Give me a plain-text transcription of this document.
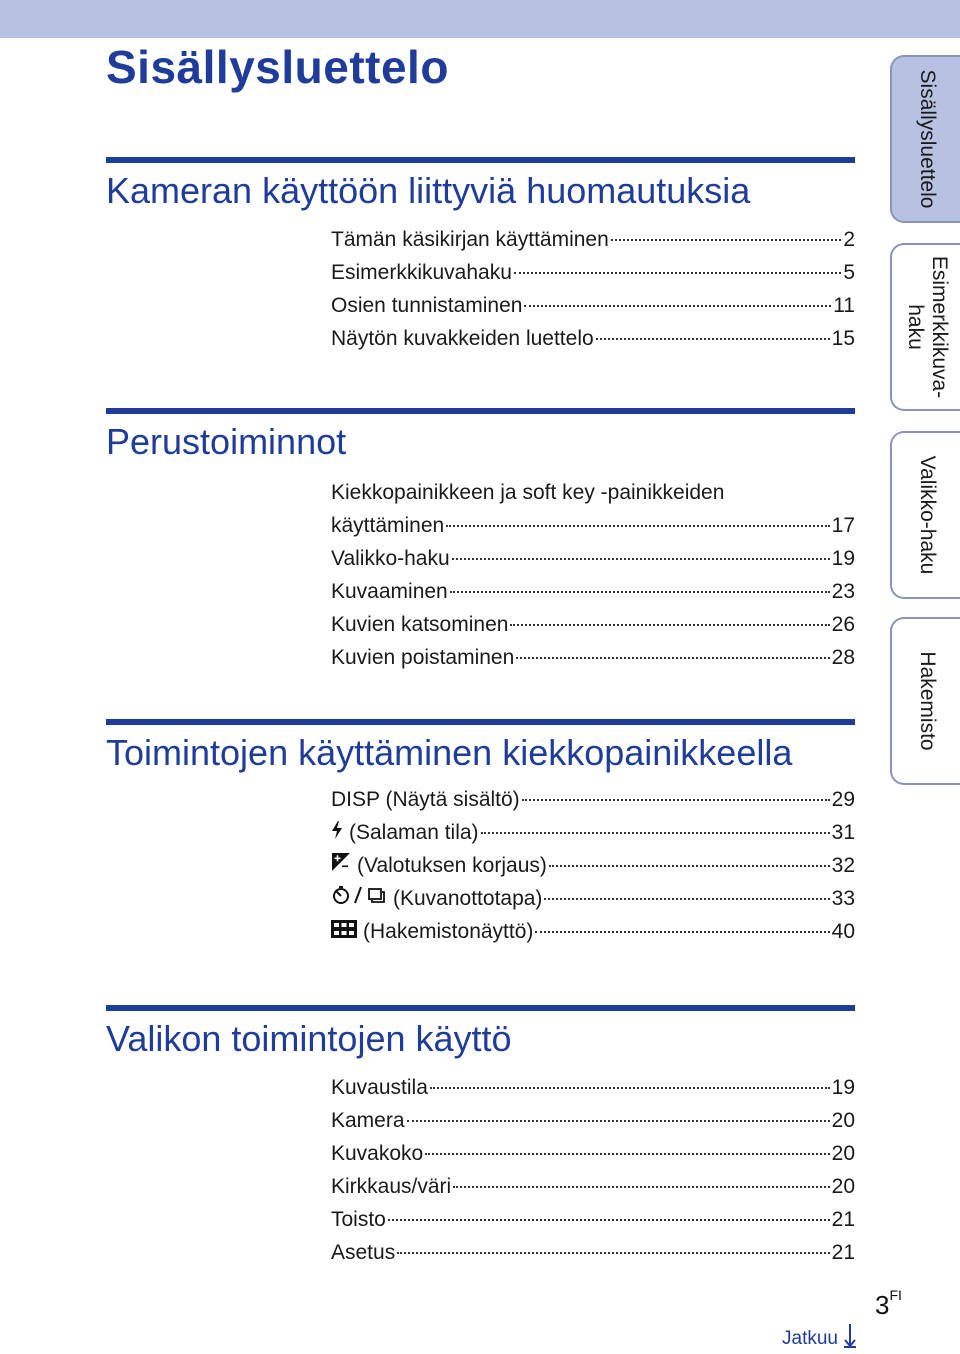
Sisällysluettelo
Kameran käyttöön liittyviä huomautuksia
Tämän käsikirjan käyttäminen	2
Esimerkkikuvahaku	5
Osien tunnistaminen	11
Näytön kuvakkeiden luettelo	15
Perustoiminnot
Kiekkopainikkeen ja soft key -painikkeiden
käyttäminen	17
Valikko-haku	19
Kuvaaminen	23
Kuvien katsominen	26
Kuvien poistaminen	28
Toimintojen käyttäminen kiekkopainikkeella
DISP (Näytä sisältö)	29
(Salaman tila)	31
(Valotuksen korjaus)	32
(Kuvanottotapa)	33
(Hakemistonäyttö)	40
Valikon toimintojen käyttö
Kuvaustila	19
Kamera	20
Kuvakoko	20
Kirkkaus/väri	20
Toisto	21
Asetus	21
Sisällysluettelo
Esimerkkikuva-
haku
Valikko-haku
Hakemisto
$3^{FI}$
Jatkuu
